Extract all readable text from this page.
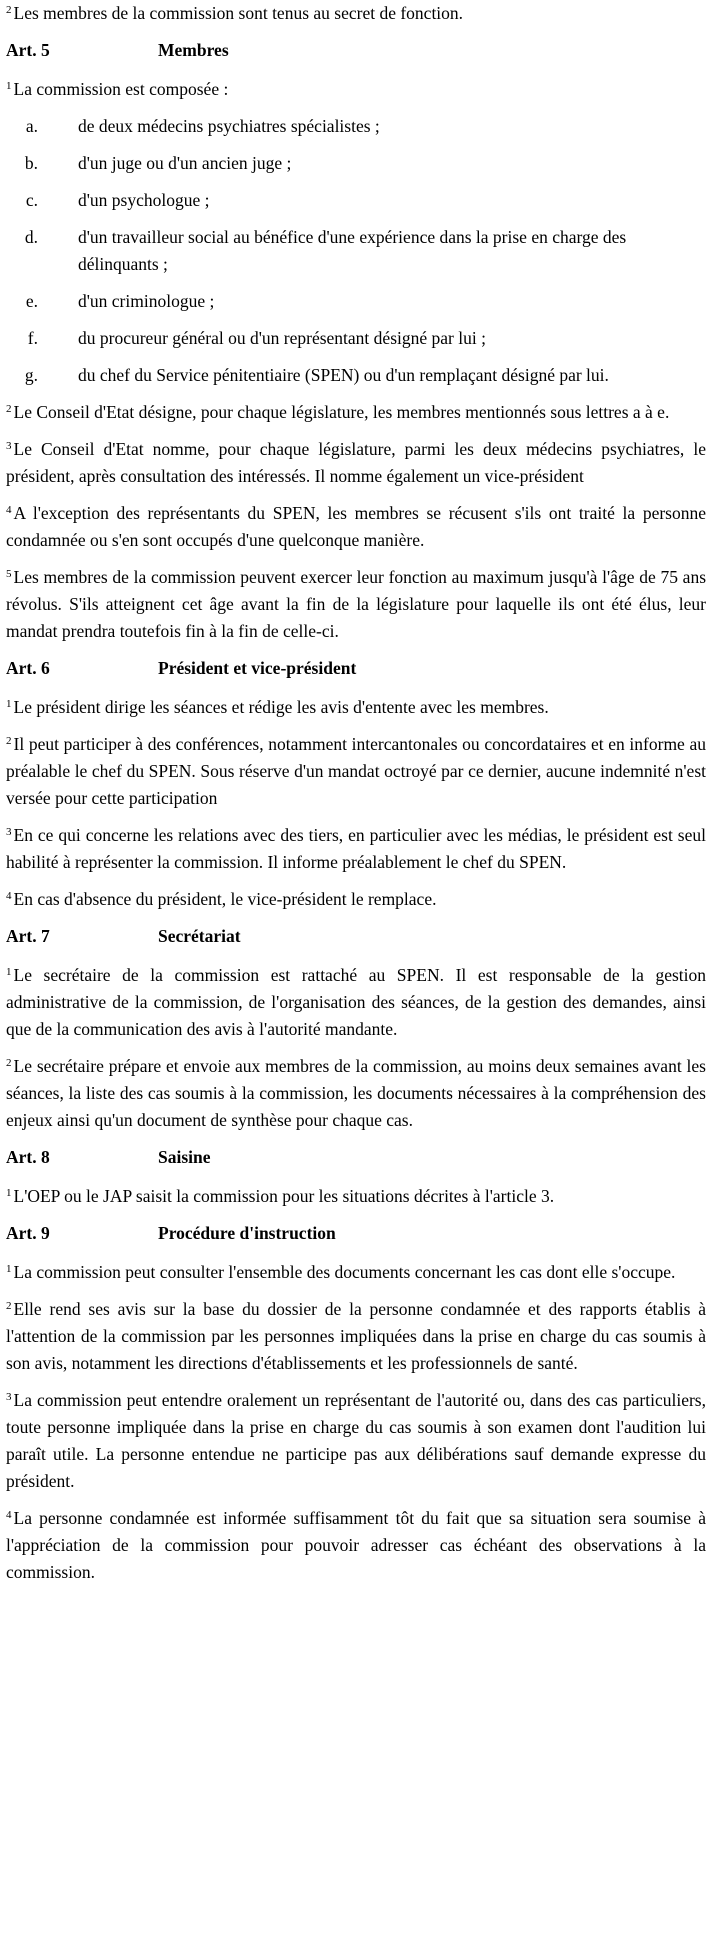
$^2$ Les membres de la commission sont tenus au secret de fonction.

Art. 5	Membres

$^1$ La commission est composée :

a. de deux médecins psychiatres spécialistes ;
b. d'un juge ou d'un ancien juge ;
c. d'un psychologue ;
d. d'un travailleur social au bénéfice d'une expérience dans la prise en charge des délinquants ;
e. d'un criminologue ;
f. du procureur général ou d'un représentant désigné par lui ;
g. du chef du Service pénitentiaire (SPEN) ou d'un remplaçant désigné par lui.

$^2$ Le Conseil d'Etat désigne, pour chaque législature, les membres mentionnés sous lettres a à e.

$^3$ Le Conseil d'Etat nomme, pour chaque législature, parmi les deux médecins psychiatres, le président, après consultation des intéressés. Il nomme également un vice-président

$^4$ A l'exception des représentants du SPEN, les membres se récusent s'ils ont traité la personne condamnée ou s'en sont occupés d'une quelconque manière.

$^5$ Les membres de la commission peuvent exercer leur fonction au maximum jusqu'à l'âge de 75 ans révolus. S'ils atteignent cet âge avant la fin de la législature pour laquelle ils ont été élus, leur mandat prendra toutefois fin à la fin de celle-ci.

Art. 6	Président et vice-président

$^1$ Le président dirige les séances et rédige les avis d'entente avec les membres.

$^2$ Il peut participer à des conférences, notamment intercantonales ou concordataires et en informe au préalable le chef du SPEN. Sous réserve d'un mandat octroyé par ce dernier, aucune indemnité n'est versée pour cette participation

$^3$ En ce qui concerne les relations avec des tiers, en particulier avec les médias, le président est seul habilité à représenter la commission. Il informe préalablement le chef du SPEN.

$^4$ En cas d'absence du président, le vice-président le remplace.

Art. 7	Secrétariat

$^1$ Le secrétaire de la commission est rattaché au SPEN. Il est responsable de la gestion administrative de la commission, de l'organisation des séances, de la gestion des demandes, ainsi que de la communication des avis à l'autorité mandante.

$^2$ Le secrétaire prépare et envoie aux membres de la commission, au moins deux semaines avant les séances, la liste des cas soumis à la commission, les documents nécessaires à la compréhension des enjeux ainsi qu'un document de synthèse pour chaque cas.

Art. 8	Saisine

$^1$ L'OEP ou le JAP saisit la commission pour les situations décrites à l'article 3.

Art. 9	Procédure d'instruction

$^1$ La commission peut consulter l'ensemble des documents concernant les cas dont elle s'occupe.

$^2$ Elle rend ses avis sur la base du dossier de la personne condamnée et des rapports établis à l'attention de la commission par les personnes impliquées dans la prise en charge du cas soumis à son avis, notamment les directions d'établissements et les professionnels de santé.

$^3$ La commission peut entendre oralement un représentant de l'autorité ou, dans des cas particuliers, toute personne impliquée dans la prise en charge du cas soumis à son examen dont l'audition lui paraît utile. La personne entendue ne participe pas aux délibérations sauf demande expresse du président.

$^4$ La personne condamnée est informée suffisamment tôt du fait que sa situation sera soumise à l'appréciation de la commission pour pouvoir adresser cas échéant des observations à la commission.
